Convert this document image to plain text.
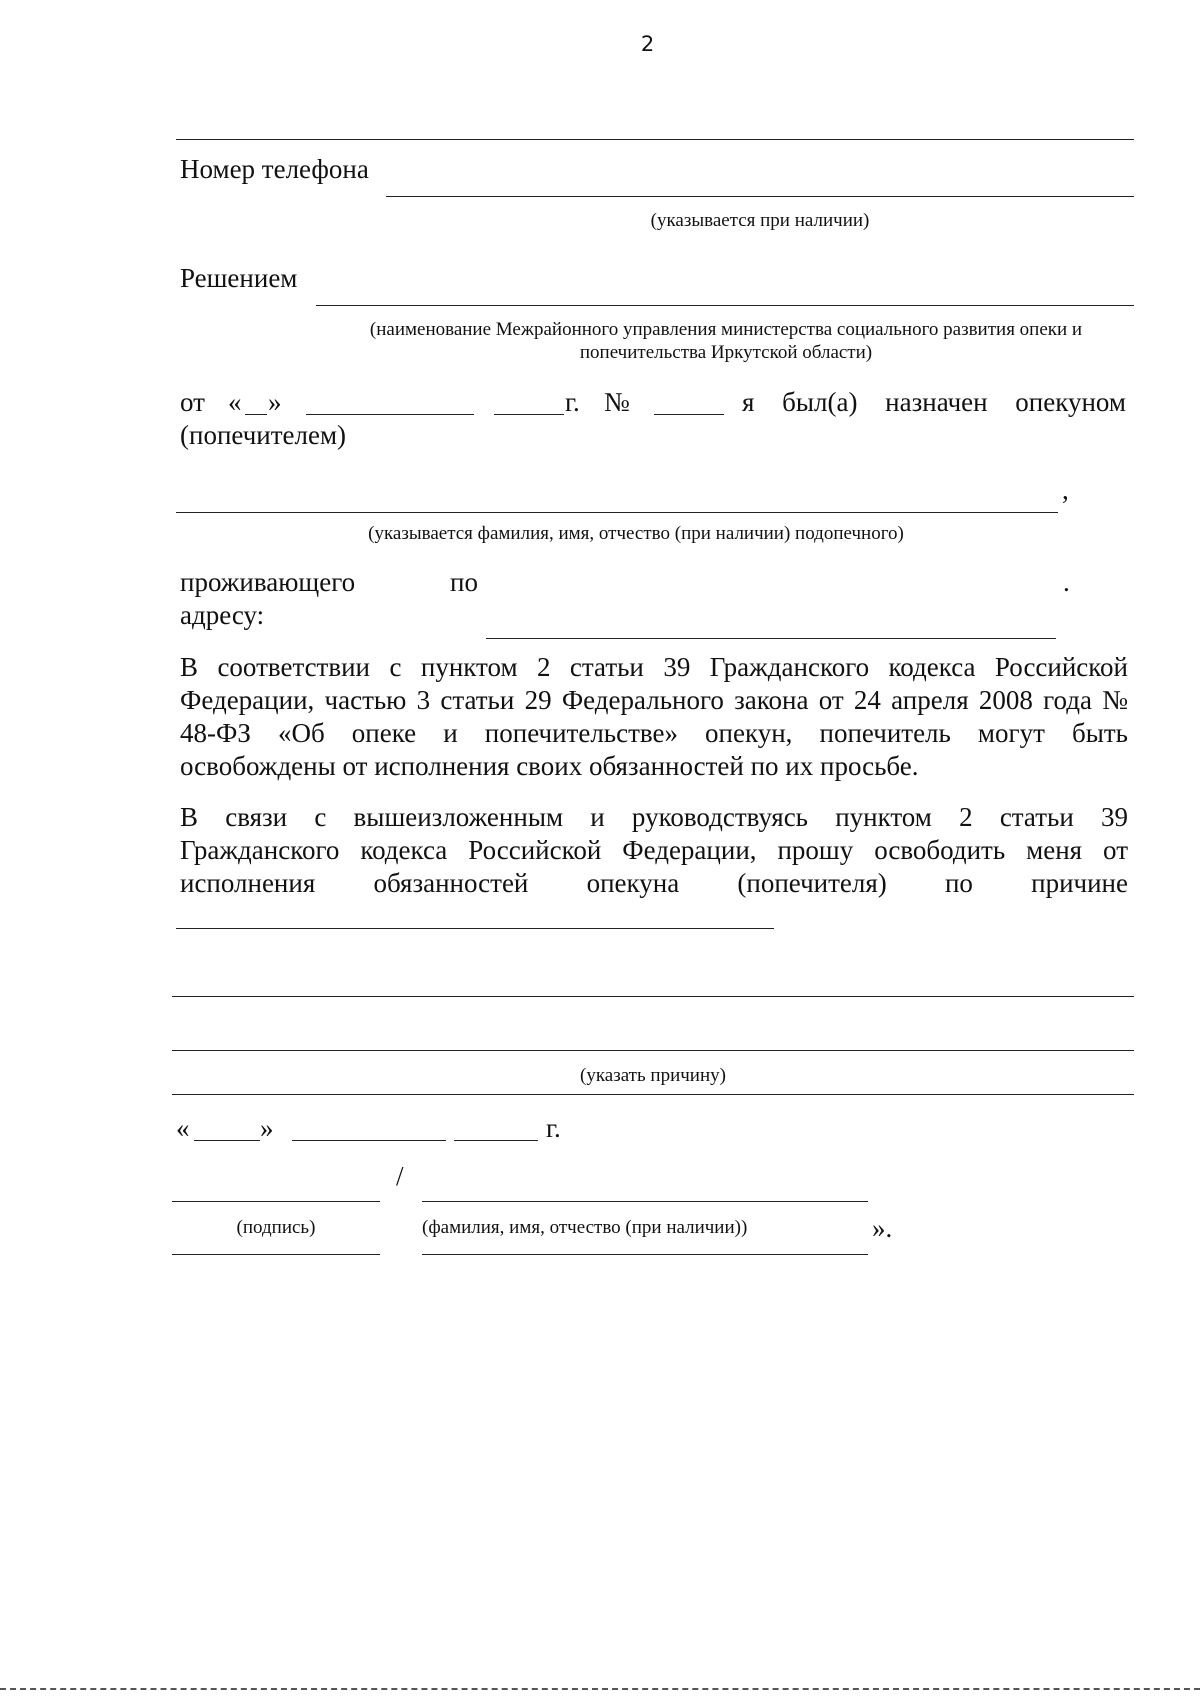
2
Номер телефона
(указывается при наличии)
Решением
(наименование Межрайонного управления министерства социального развития опеки и
попечительства Иркутской области)
от « »	г. №	я был(а) назначен опекуном
(попечителем)
,
(указывается фамилия, имя, отчество (при наличии) подопечного)
проживающего	по
адресу:
.
В соответствии с пунктом 2 статьи 39 Гражданского кодекса Российской
Федерации, частью 3 статьи 29 Федерального закона от 24 апреля 2008 года №
48-ФЗ «Об опеке и попечительстве» опекун, попечитель могут быть
освобождены от исполнения своих обязанностей по их просьбе.
В связи с вышеизложенным и руководствуясь пунктом 2 статьи 39
Гражданского кодекса Российской Федерации, прошу освободить меня от
исполнения обязанностей опекуна (попечителя) по причине
(указать причину)
«	»	г.
/
(подпись)	(фамилия, имя, отчество (при наличии))	».
